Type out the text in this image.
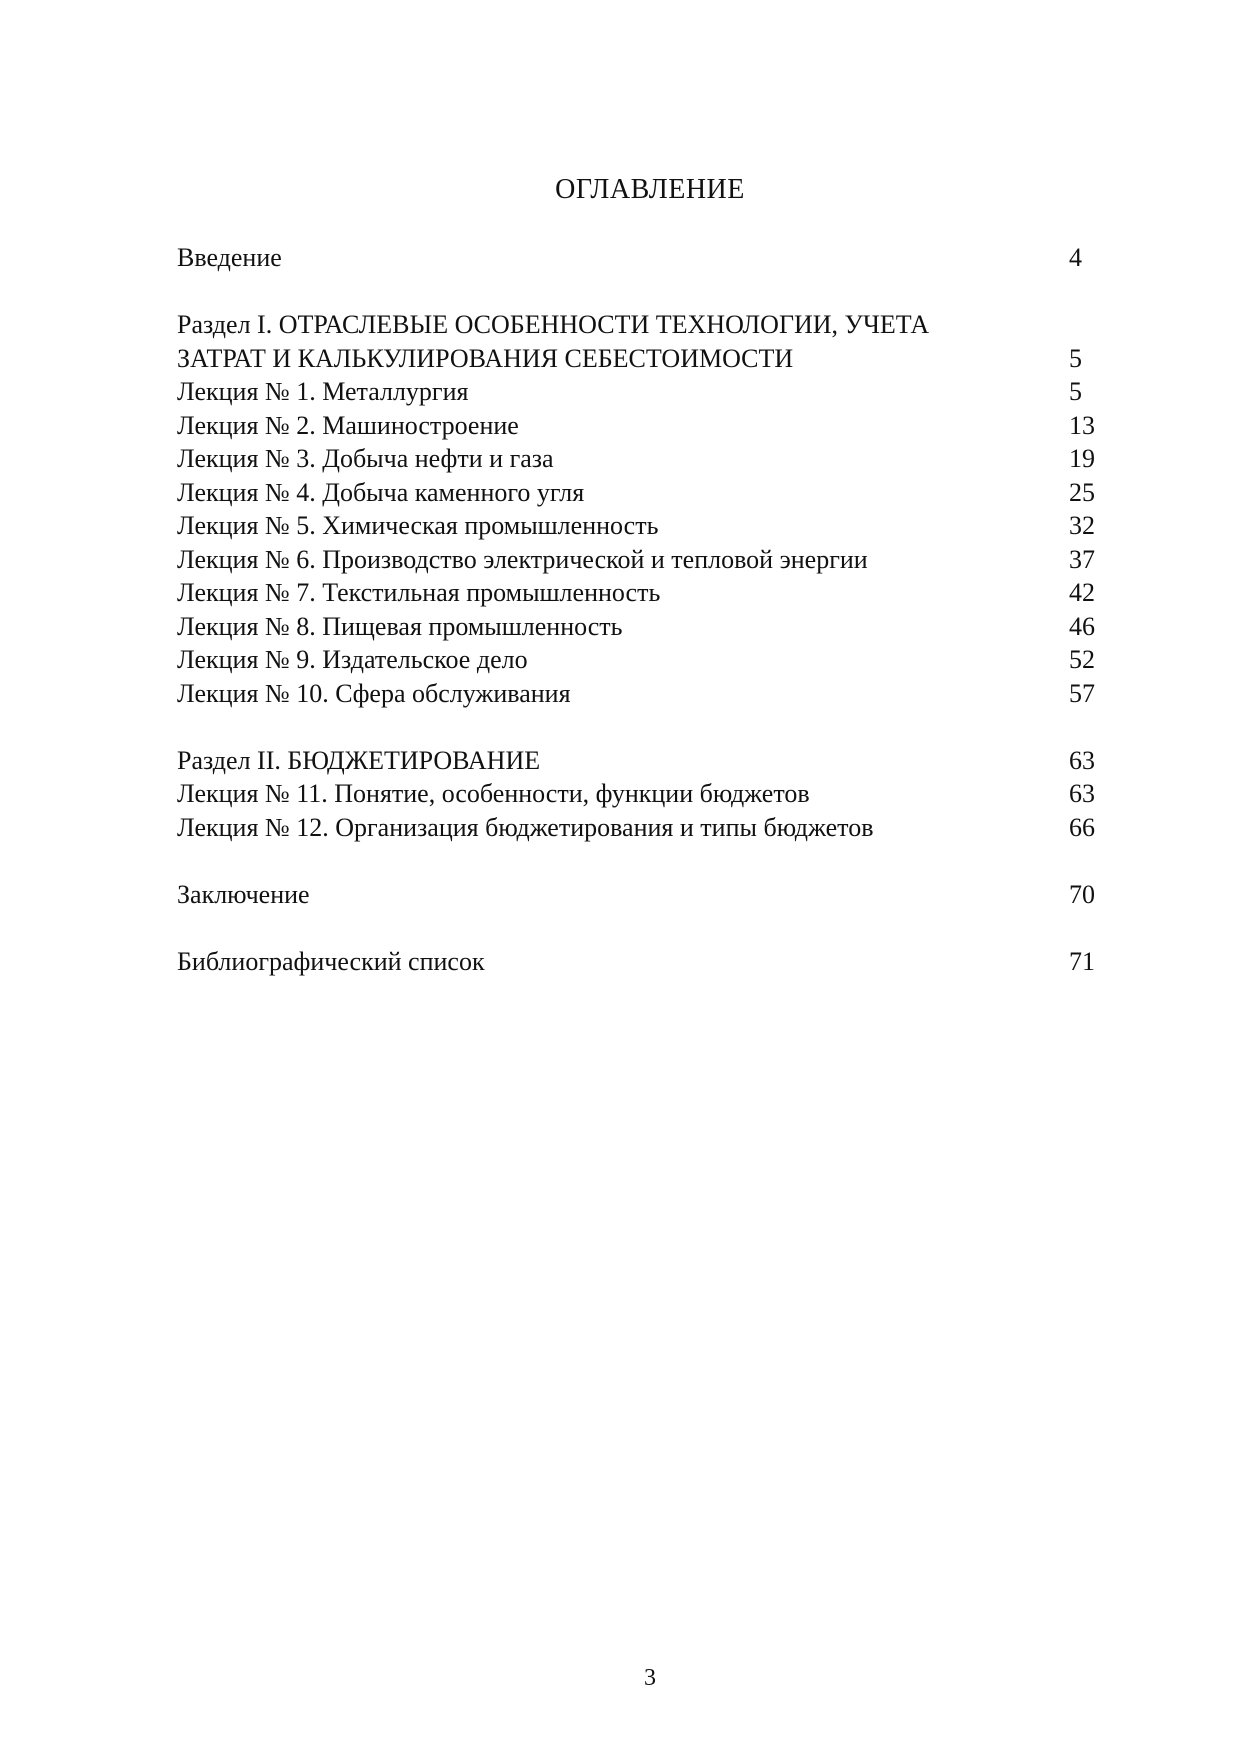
ОГЛАВЛЕНИЕ
Введение	4
Раздел I. ОТРАСЛЕВЫЕ ОСОБЕННОСТИ ТЕХНОЛОГИИ, УЧЕТА
ЗАТРАТ И КАЛЬКУЛИРОВАНИЯ СЕБЕСТОИМОСТИ	5
Лекция № 1. Металлургия	5
Лекция № 2. Машиностроение	13
Лекция № 3. Добыча нефти и газа	19
Лекция № 4. Добыча каменного угля	25
Лекция № 5. Химическая промышленность	32
Лекция № 6. Производство электрической и тепловой энергии	37
Лекция № 7. Текстильная промышленность	42
Лекция № 8. Пищевая промышленность	46
Лекция № 9. Издательское дело	52
Лекция № 10. Сфера обслуживания	57
Раздел II. БЮДЖЕТИРОВАНИЕ	63
Лекция № 11. Понятие, особенности, функции бюджетов	63
Лекция № 12. Организация бюджетирования и типы бюджетов	66
Заключение	70
Библиографический список	71
3
